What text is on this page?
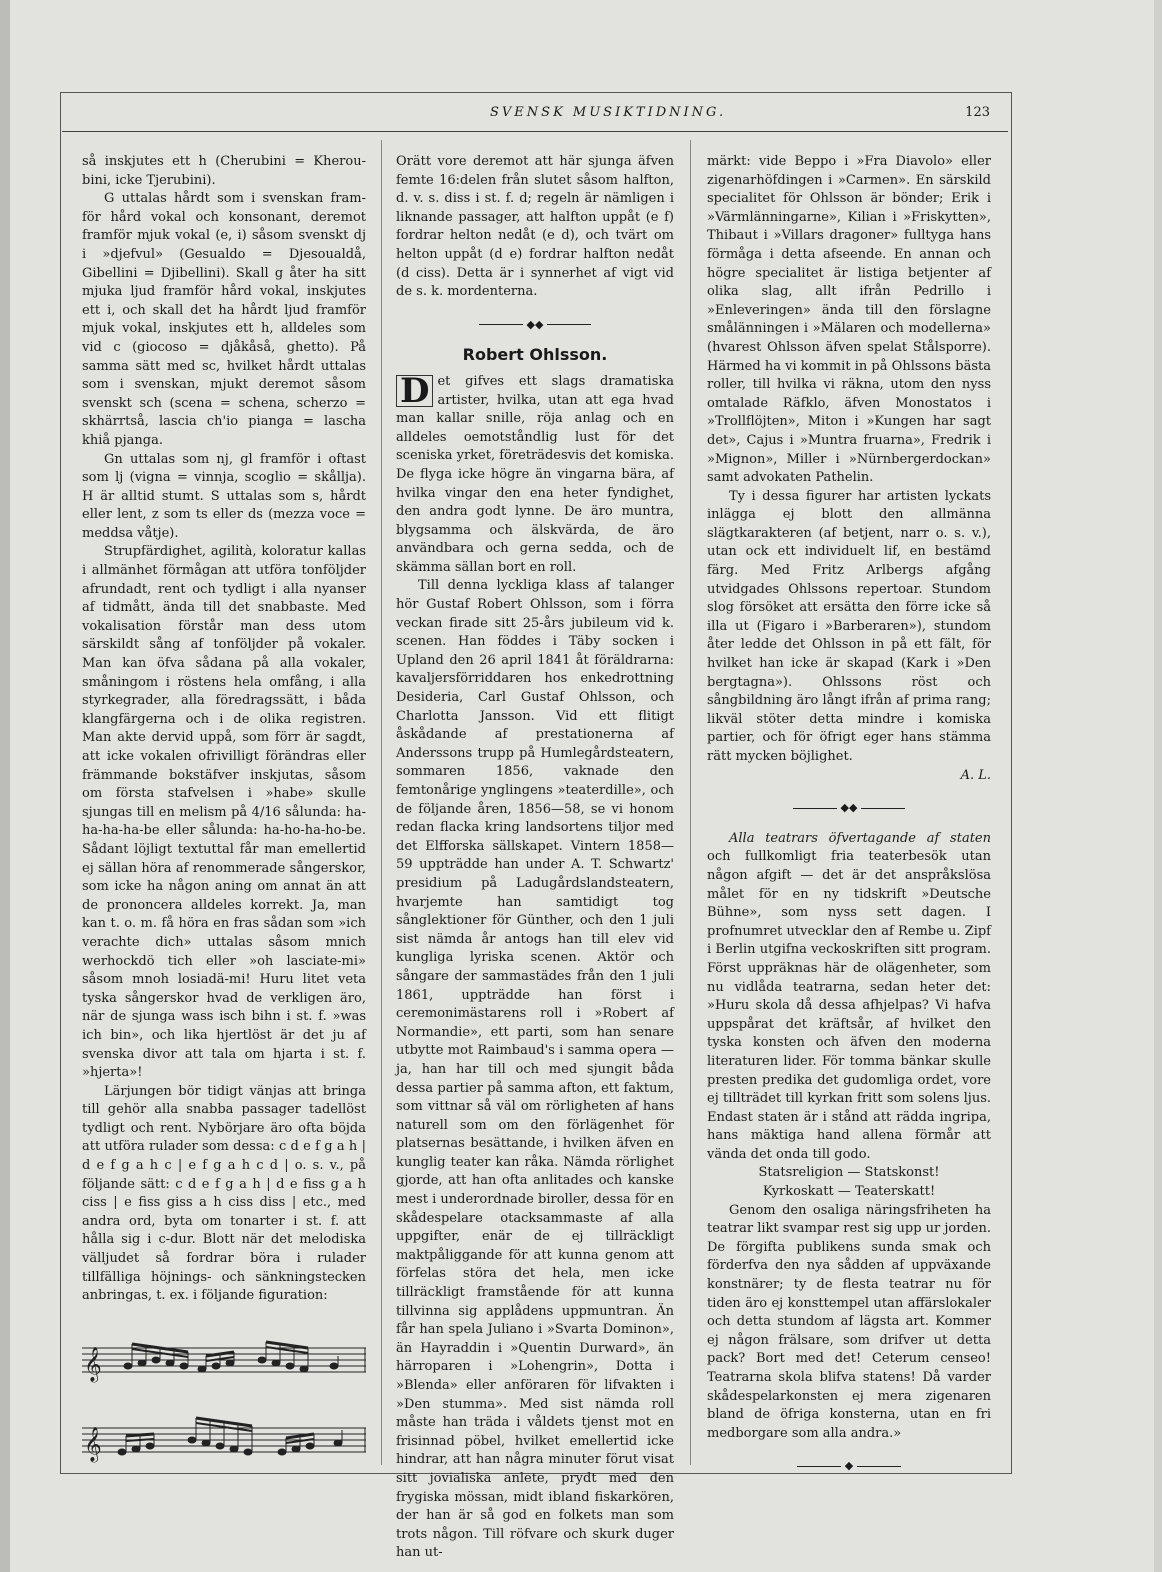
SVENSK MUSIKTIDNING.	123

så inskjutes ett h (Cherubini = Kherou-bini, icke Tjerubini).

G uttalas hårdt som i svenskan fram-för hård vokal och konsonant, deremot framför mjuk vokal (e, i) såsom svenskt dj i »djefvul» (Gesualdo = Djesoualdå, Gibellini = Djibellini). Skall g åter ha sitt mjuka ljud framför hård vokal, inskjutes ett i, och skall det ha hårdt ljud framför mjuk vokal, inskjutes ett h, alldeles som vid c (giocoso = djåkåså, ghetto). På samma sätt med sc, hvilket hårdt uttalas som i svenskan, mjukt deremot såsom svenskt sch (scena = schena, scherzo = skhärrtså, lascia ch'io pianga = lascha khiå pjanga.

Gn uttalas som nj, gl framför i oftast som lj (vigna = vinnja, scoglio = skållja). H är alltid stumt. S uttalas som s, hårdt eller lent, z som ts eller ds (mezza voce = meddsa våtje).

Strupfärdighet, agilità, koloratur kallas i allmänhet förmågan att utföra tonföljder afrundadt, rent och tydligt i alla nyanser af tidmått, ända till det snabbaste. Med vokalisation förstår man dess utom särskildt sång af tonföljder på vokaler. Man kan öfva sådana på alla vokaler, småningom i röstens hela omfång, i alla styrkegrader, alla föredragssätt, i båda klangfärgerna och i de olika registren. Man akte dervid uppå, som förr är sagdt, att icke vokalen ofrivilligt förändras eller främmande bokstäfver inskjutas, såsom om första stafvelsen i »habe» skulle sjungas till en melism på 4/16 sålunda: ha-ha-ha-ha-be eller sålunda: ha-ho-ha-ho-be. Sådant löjligt textuttal får man emellertid ej sällan höra af renommerade sångerskor, som icke ha någon aning om annat än att de prononcera alldeles korrekt. Ja, man kan t. o. m. få höra en fras sådan som »ich verachte dich» uttalas såsom mnich werhockdö tich eller »oh lasciate-mi» såsom mnoh losiadä-mi! Huru litet veta tyska sångerskor hvad de verkligen äro, när de sjunga wass isch bihn i st. f. »was ich bin», och lika hjertlöst är det ju af svenska divor att tala om hjarta i st. f. »hjerta»!

Lärjungen bör tidigt vänjas att bringa till gehör alla snabba passager tadellöst tydligt och rent. Nybörjare äro ofta böjda att utföra rulader som dessa: c d e f g a h | d e f g a h c | e f g a h c d | o. s. v., på följande sätt: c d e f g a h | d e fiss g a h ciss | e fiss giss a h ciss diss | etc., med andra ord, byta om tonarter i st. f. att hålla sig i c-dur. Blott när det melodiska välljudet så fordrar böra i rulader tillfälliga höjnings- och sänkningstecken anbringas, t. ex. i följande figuration:

𝄞
𝄞

Orätt vore deremot att här sjunga äfven femte 16:delen från slutet såsom halfton, d. v. s. diss i st. f. d; regeln är nämligen i liknande passager, att halfton uppåt (e f) fordrar helton nedåt (e d), och tvärt om helton uppåt (d e) fordrar halfton nedåt (d ciss). Detta är i synnerhet af vigt vid de s. k. mordenterna.

◆◆
Robert Ohlsson.

D et gifves ett slags dramatiska artister, hvilka, utan att ega hvad man kallar snille, röja anlag och en alldeles oemotståndlig lust för det sceniska yrket, företrädesvis det komiska. De flyga icke högre än vingarna bära, af hvilka vingar den ena heter fyndighet, den andra godt lynne. De äro muntra, blygsamma och älskvärda, de äro användbara och gerna sedda, och de skämma sällan bort en roll.

Till denna lyckliga klass af talanger hör Gustaf Robert Ohlsson, som i förra veckan firade sitt 25-års jubileum vid k. scenen. Han föddes i Täby socken i Upland den 26 april 1841 åt föräldrarna: kavaljersförriddaren hos enkedrottning Desideria, Carl Gustaf Ohlsson, och Charlotta Jansson. Vid ett flitigt åskådande af prestationerna af Anderssons trupp på Humlegårdsteatern, sommaren 1856, vaknade den femtonårige ynglingens »teaterdille», och de följande åren, 1856—58, se vi honom redan flacka kring landsortens tiljor med det Elfforska sällskapet. Vintern 1858—59 uppträdde han under A. T. Schwartz' presidium på Ladugårdslandsteatern, hvarjemte han samtidigt tog sånglektioner för Günther, och den 1 juli sist nämda år antogs han till elev vid kungliga lyriska scenen. Aktör och sångare der sammastädes från den 1 juli 1861, uppträdde han först i ceremonimästarens roll i »Robert af Normandie», ett parti, som han senare utbytte mot Raimbaud's i samma opera — ja, han har till och med sjungit båda dessa partier på samma afton, ett faktum, som vittnar så väl om rörligheten af hans naturell som om den förlägenhet för platsernas besättande, i hvilken äfven en kunglig teater kan råka. Nämda rörlighet gjorde, att han ofta anlitades och kanske mest i underordnade biroller, dessa för en skådespelare otacksammaste af alla uppgifter, enär de ej tillräckligt maktpåliggande för att kunna genom att förfelas störa det hela, men icke tillräckligt framstående för att kunna tillvinna sig applådens uppmuntran. Än får han spela Juliano i »Svarta Dominon», än Hayraddin i »Quentin Durward», än härroparen i »Lohengrin», Dotta i »Blenda» eller anföraren för lifvakten i »Den stumma». Med sist nämda roll måste han träda i våldets tjenst mot en frisinnad pöbel, hvilket emellertid icke hindrar, att han några minuter förut visat sitt jovialiska anlete, prydt med den frygiska mössan, midt ibland fiskarkören, der han är så god en folkets man som trots någon. Till röfvare och skurk duger han ut-

märkt: vide Beppo i »Fra Diavolo» eller zigenarhöfdingen i »Carmen». En särskild specialitet för Ohlsson är bönder; Erik i »Värmlänningarne», Kilian i »Friskytten», Thibaut i »Villars dragoner» fulltyga hans förmåga i detta afseende. En annan och högre specialitet är listiga betjenter af olika slag, allt ifrån Pedrillo i »Enleveringen» ända till den förslagne smålänningen i »Mälaren och modellerna» (hvarest Ohlsson äfven spelat Stålsporre). Härmed ha vi kommit in på Ohlssons bästa roller, till hvilka vi räkna, utom den nyss omtalade Räfklo, äfven Monostatos i »Trollflöjten», Miton i »Kungen har sagt det», Cajus i »Muntra fruarna», Fredrik i »Mignon», Miller i »Nürnbergerdockan» samt advokaten Pathelin.

Ty i dessa figurer har artisten lyckats inlägga ej blott den allmänna slägtkarakteren (af betjent, narr o. s. v.), utan ock ett individuelt lif, en bestämd färg. Med Fritz Arlbergs afgång utvidgades Ohlssons repertoar. Stundom slog försöket att ersätta den förre icke så illa ut (Figaro i »Barberaren»), stundom åter ledde det Ohlsson in på ett fält, för hvilket han icke är skapad (Kark i »Den bergtagna»). Ohlssons röst och sångbildning äro långt ifrån af prima rang; likväl stöter detta mindre i komiska partier, och för öfrigt eger hans stämma rätt mycken böjlighet.

A. L.
◆◆

Alla teatrars öfvertagande af staten och fullkomligt fria teaterbesök utan någon afgift — det är det anspråkslösa målet för en ny tidskrift »Deutsche Bühne», som nyss sett dagen. I profnumret utvecklar den af Rembe u. Zipf i Berlin utgifna veckoskriften sitt program. Först uppräknas här de olägenheter, som nu vidlåda teatrarna, sedan heter det: »Huru skola då dessa afhjelpas? Vi hafva uppspårat det kräftsår, af hvilket den tyska konsten och äfven den moderna literaturen lider. För tomma bänkar skulle presten predika det gudomliga ordet, vore ej tillträdet till kyrkan fritt som solens ljus. Endast staten är i stånd att rädda ingripa, hans mäktiga hand allena förmår att vända det onda till godo.

Statsreligion — Statskonst!

Kyrkoskatt — Teaterskatt!

Genom den osaliga näringsfriheten ha teatrar likt svampar rest sig upp ur jorden. De förgifta publikens sunda smak och förderfva den nya sådden af uppväxande konstnärer; ty de flesta teatrar nu för tiden äro ej konsttempel utan affärslokaler och detta stundom af lägsta art. Kommer ej någon frälsare, som drifver ut detta pack? Bort med det! Ceterum censeo! Teatrarna skola blifva statens! Då varder skådespelarkonsten ej mera zigenaren bland de öfriga konsterna, utan en fri medborgare som alla andra.»

◆
